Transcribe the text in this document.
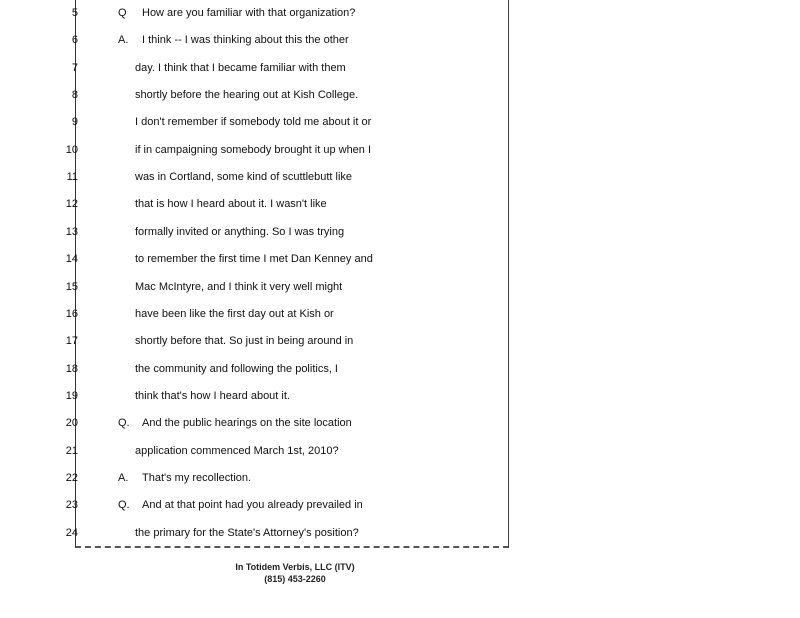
5	Q How are you familiar with that organization?
6	A. I think -- I was thinking about this the other
7	day. I think that I became familiar with them
8	shortly before the hearing out at Kish College.
9	I don't remember if somebody told me about it or
10	if in campaigning somebody brought it up when I
11	was in Cortland, some kind of scuttlebutt like
12	that is how I heard about it. I wasn't like
13	formally invited or anything. So I was trying
14	to remember the first time I met Dan Kenney and
15	Mac McIntyre, and I think it very well might
16	have been like the first day out at Kish or
17	shortly before that. So just in being around in
18	the community and following the politics, I
19	think that's how I heard about it.
20	Q. And the public hearings on the site location
21	application commenced March 1st, 2010?
22	A. That's my recollection.
23	Q. And at that point had you already prevailed in
24	the primary for the State's Attorney's position?
In Totidem Verbis, LLC (ITV)
(815) 453-2260
